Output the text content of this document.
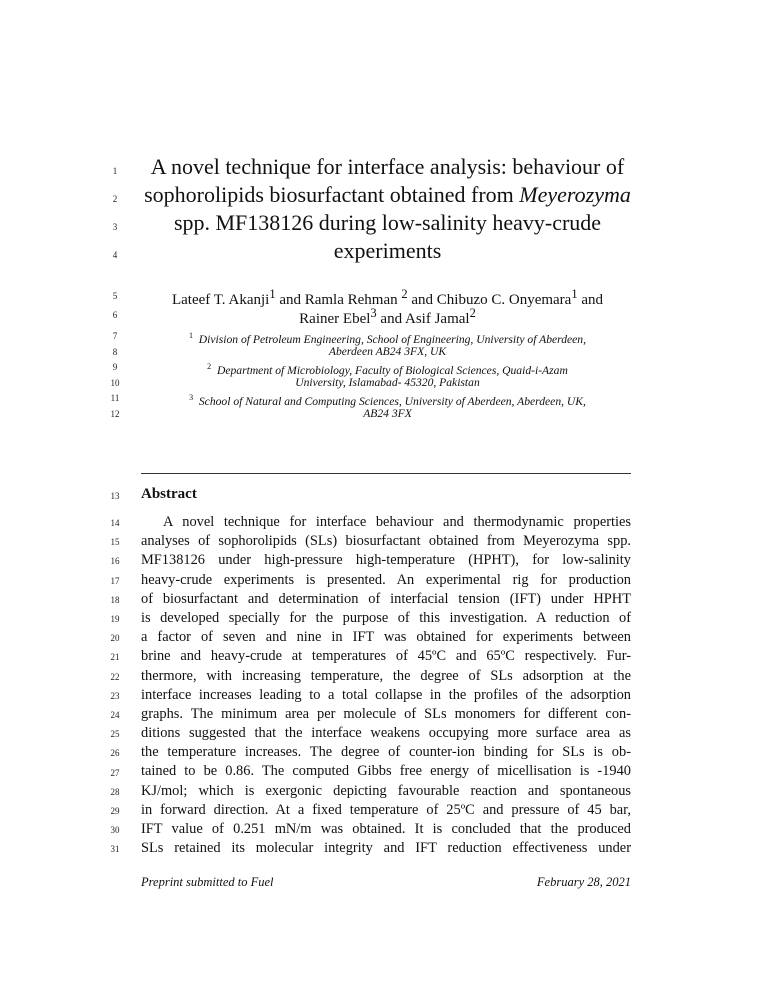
1
2
3
4
5
6
7
8
9
10
11
12
13
14
15
16
17
18
19
20
21
22
23
24
25
26
27
28
29
30
31
A novel technique for interface analysis: behaviour of
sophorolipids biosurfactant obtained from Meyerozyma
spp. MF138126 during low-salinity heavy-crude
experiments
Lateef T. Akanji$^1$ and Ramla Rehman $^2$ and Chibuzo C. Onyemara$^1$ and
Rainer Ebel$^3$ and Asif Jamal$^2$
$^1$ Division of Petroleum Engineering, School of Engineering, University of Aberdeen,
Aberdeen AB24 3FX, UK
$^2$ Department of Microbiology, Faculty of Biological Sciences, Quaid-i-Azam
University, Islamabad- 45320, Pakistan
$^3$ School of Natural and Computing Sciences, University of Aberdeen, Aberdeen, UK,
AB24 3FX
Abstract
A novel technique for interface behaviour and thermodynamic properties
analyses of sophorolipids (SLs) biosurfactant obtained from Meyerozyma spp.
MF138126 under high-pressure high-temperature (HPHT), for low-salinity
heavy-crude experiments is presented. An experimental rig for production
of biosurfactant and determination of interfacial tension (IFT) under HPHT
is developed specially for the purpose of this investigation. A reduction of
a factor of seven and nine in IFT was obtained for experiments between
brine and heavy-crude at temperatures of 45ºC and 65ºC respectively. Fur-
thermore, with increasing temperature, the degree of SLs adsorption at the
interface increases leading to a total collapse in the profiles of the adsorption
graphs. The minimum area per molecule of SLs monomers for different con-
ditions suggested that the interface weakens occupying more surface area as
the temperature increases. The degree of counter-ion binding for SLs is ob-
tained to be 0.86. The computed Gibbs free energy of micellisation is -1940
KJ/mol; which is exergonic depicting favourable reaction and spontaneous
in forward direction. At a fixed temperature of 25ºC and pressure of 45 bar,
IFT value of 0.251 mN/m was obtained. It is concluded that the produced
SLs retained its molecular integrity and IFT reduction effectiveness under
Preprint submitted to Fuel	February 28, 2021
